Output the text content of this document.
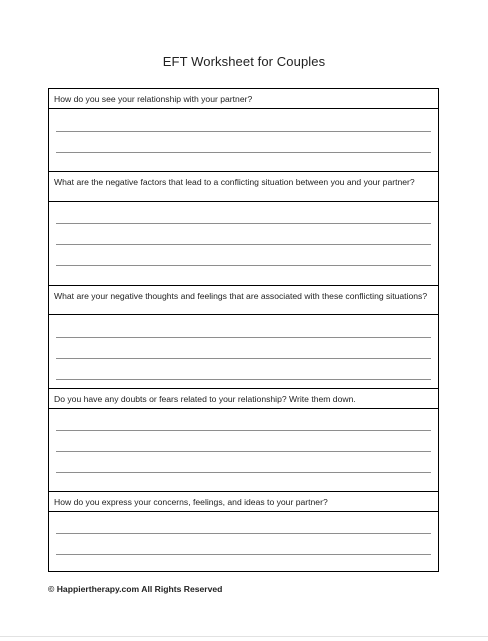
EFT Worksheet for Couples
How do you see your relationship with your partner?
What are the negative factors that lead to a conflicting situation between you and your partner?
What are your negative thoughts and feelings that are associated with these conflicting situations?
Do you have any doubts or fears related to your relationship? Write them down.
How do you express your concerns, feelings, and ideas to your partner?
© Happiertherapy.com All Rights Reserved
